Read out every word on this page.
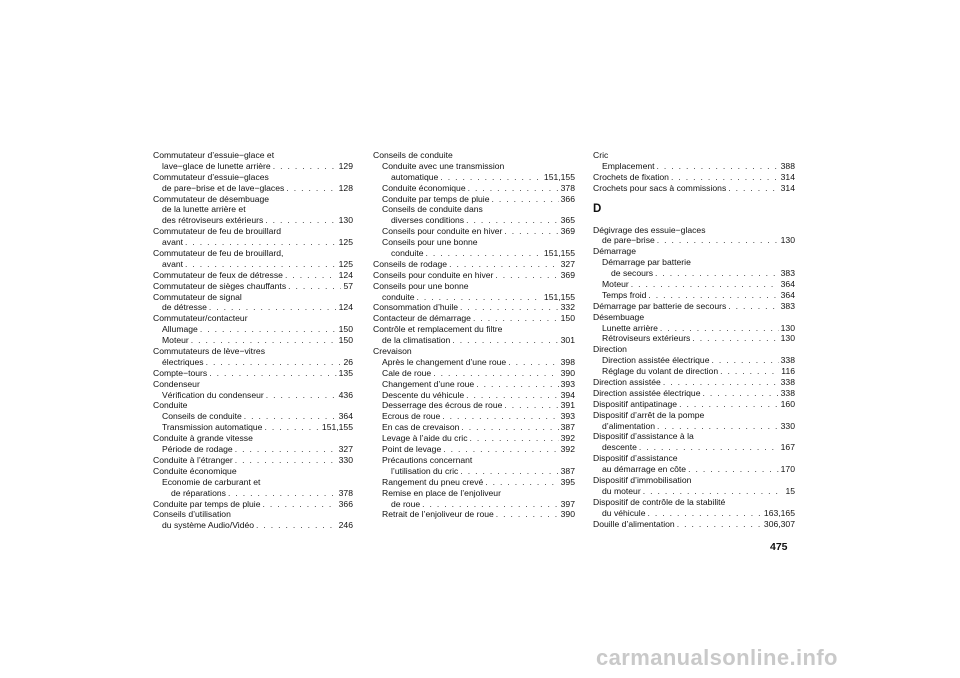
Commutateur d’essuie−glace et
lave−glace de lunette arrière . . .	129
Commutateur d’essuie−glaces
de pare−brise et de lave−glaces . . .	128
Commutateur de désembuage
de la lunette arrière et
des rétroviseurs extérieurs . . .	130
Commutateur de feu de brouillard
avant . . .	125
Commutateur de feu de brouillard,
avant . . .	125
Commutateur de feux de détresse . . .	124
Commutateur de sièges chauffants . . .	57
Commutateur de signal
de détresse . . .	124
Commutateur/contacteur
Allumage . . .	150
Moteur . . .	150
Commutateurs de lève−vitres
électriques . . .	26
Compte−tours . . .	135
Condenseur
Vérification du condenseur . . .	436
Conduite
Conseils de conduite . . .	364
Transmission automatique . . .	151,155
Conduite à grande vitesse
Période de rodage . . .	327
Conduite à l’étranger . . .	330
Conduite économique
Economie de carburant et
de réparations . . .	378
Conduite par temps de pluie . . .	366
Conseils d’utilisation
du système Audio/Vidéo . . .	246
Conseils de conduite
Conduite avec une transmission
automatique . . .	151,155
Conduite économique . . .	378
Conduite par temps de pluie . . .	366
Conseils de conduite dans
diverses conditions . . .	365
Conseils pour conduite en hiver . . .	369
Conseils pour une bonne
conduite . . .	151,155
Conseils de rodage . . .	327
Conseils pour conduite en hiver . . .	369
Conseils pour une bonne
conduite . . .	151,155
Consommation d’huile . . .	332
Contacteur de démarrage . . .	150
Contrôle et remplacement du filtre
de la climatisation . . .	301
Crevaison
Après le changement d’une roue . . .	398
Cale de roue . . .	390
Changement d’une roue . . .	393
Descente du véhicule . . .	394
Desserrage des écrous de roue . . .	391
Ecrous de roue . . .	393
En cas de crevaison . . .	387
Levage à l’aide du cric . . .	392
Point de levage . . .	392
Précautions concernant
l’utilisation du cric . . .	387
Rangement du pneu crevé . . .	395
Remise en place de l’enjoliveur
de roue . . .	397
Retrait de l’enjoliveur de roue . . .	390
Cric
Emplacement . . .	388
Crochets de fixation . . .	314
Crochets pour sacs à commissions . . .	314
D
Dégivrage des essuie−glaces
de pare−brise . . .	130
Démarrage
Démarrage par batterie
de secours . . .	383
Moteur . . .	364
Temps froid . . .	364
Démarrage par batterie de secours . . .	383
Désembuage
Lunette arrière . . .	130
Rétroviseurs extérieurs . . .	130
Direction
Direction assistée électrique . . .	338
Réglage du volant de direction . . .	116
Direction assistée . . .	338
Direction assistée électrique . . .	338
Dispositif antipatinage . . .	160
Dispositif d’arrêt de la pompe
d’alimentation . . .	330
Dispositif d’assistance à la
descente . . .	167
Dispositif d’assistance
au démarrage en côte . . .	170
Dispositif d’immobilisation
du moteur . . .	15
Dispositif de contrôle de la stabilité
du véhicule . . .	163,165
Douille d’alimentation . . .	306,307
475
carmanualsonline.info
